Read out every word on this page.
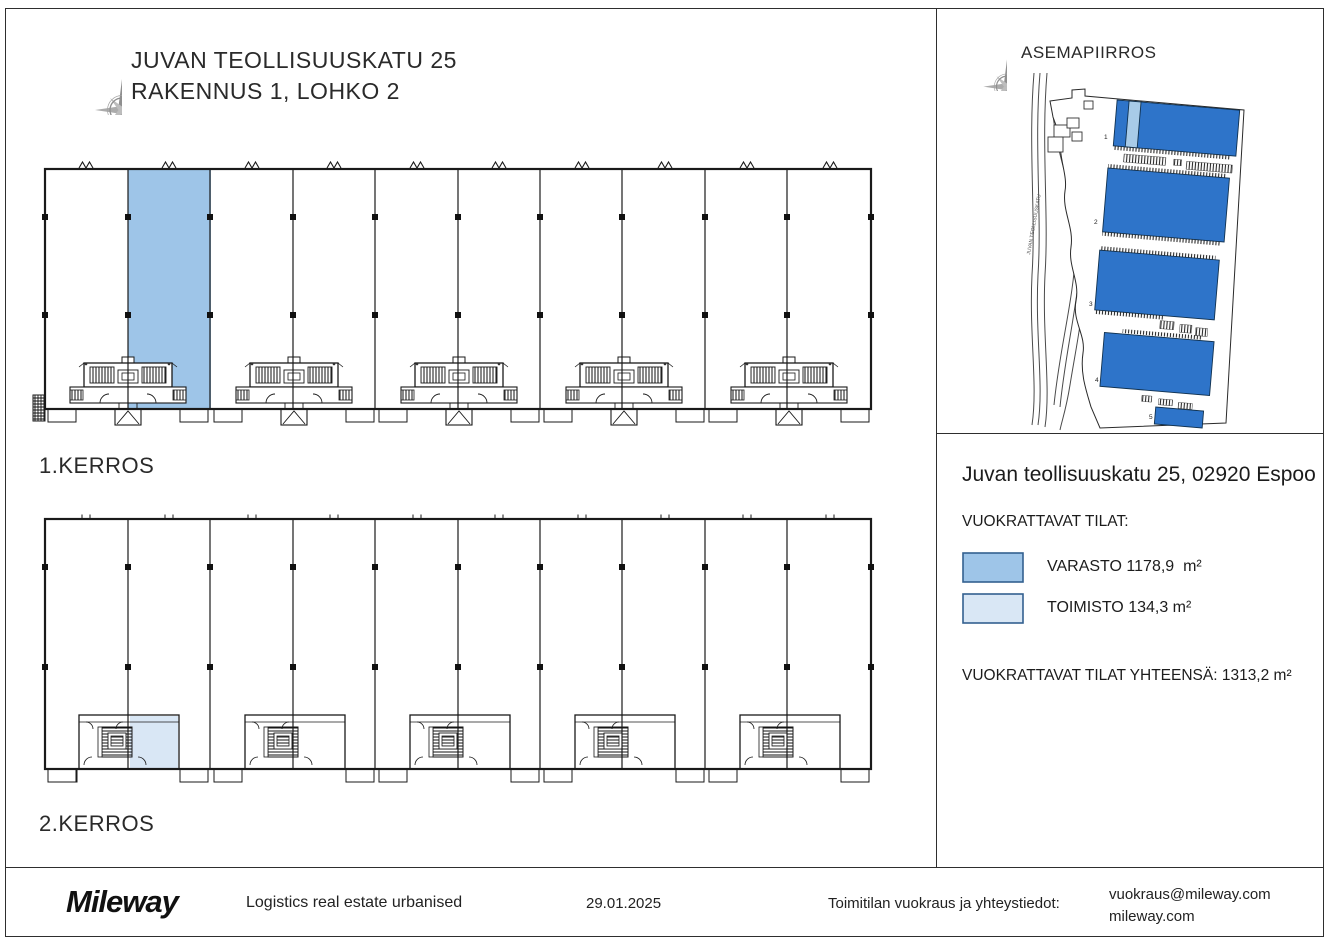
JUVAN TEOLLISUUSKATU 25
RAKENNUS 1, LOHKO 2
1.KERROS
2.KERROS
ASEMAPIIRROS
JUVAN TEOLLISUUSKATU
1
2
3
4
5
Juvan teollisuuskatu 25, 02920 Espoo
VUOKRATTAVAT TILAT:
VARASTO 1178,9  m²
TOIMISTO 134,3 m²
VUOKRATTAVAT TILAT YHTEENSÄ: 1313,2 m²
Mileway	Logistics real estate urbanised	29.01.2025	Toimitilan vuokraus ja yhteystiedot:
vuokraus@mileway.com
mileway.com
